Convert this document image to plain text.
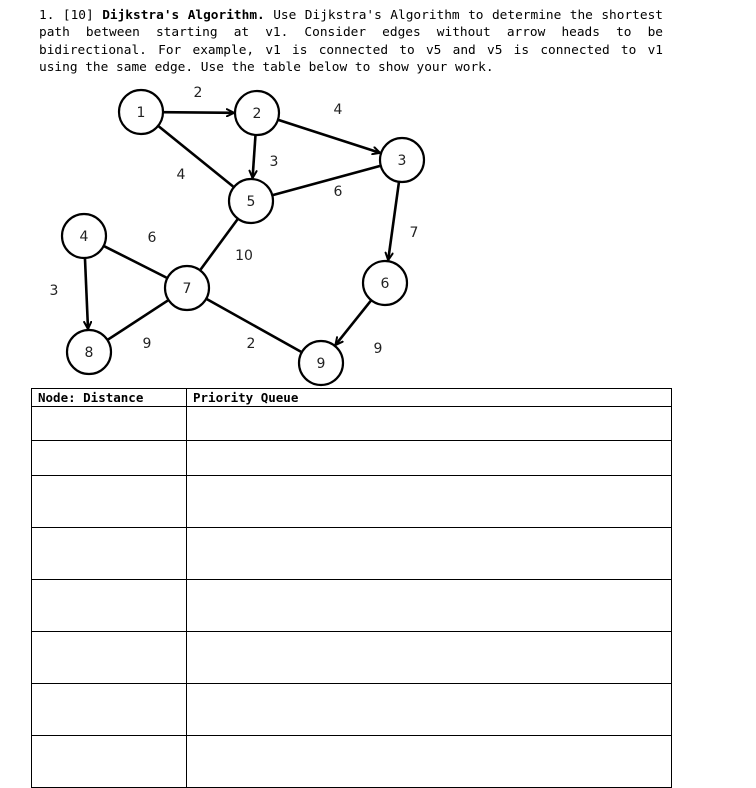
1. [10] Dijkstra's Algorithm. Use Dijkstra's Algorithm to determine the shortest
path between starting at v1. Consider edges without arrow heads to be
bidirectional. For example, v1 is connected to v5 and v5 is connected to v1
using the same edge. Use the table below to show your work.
2
4
3
4
6
7
10
6
3
9	2	9
1	2
3
4
5
6
7
8
9
Node: Distance	Priority Queue
